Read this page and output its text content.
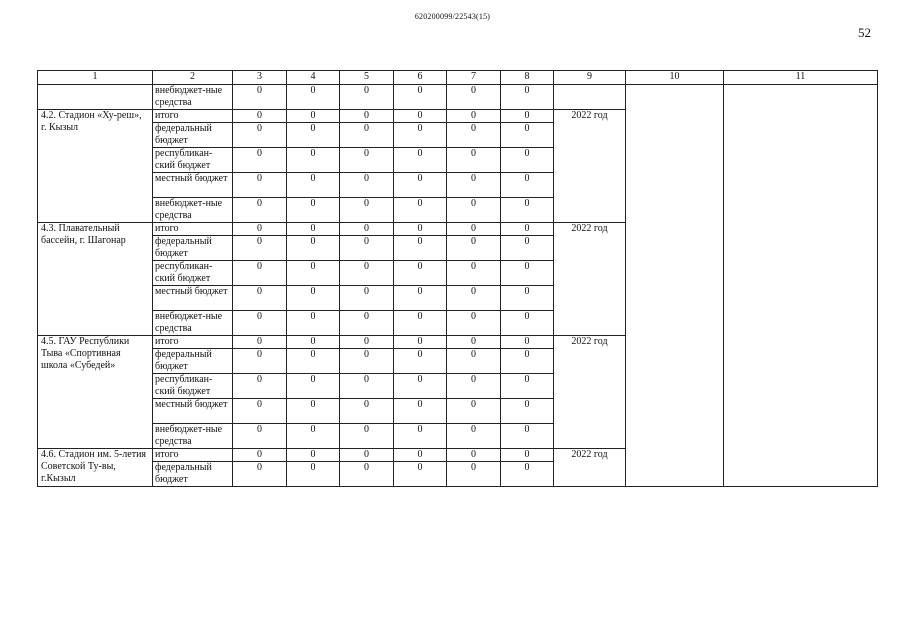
620200099/22543(15)
52
1	2	3	4	5	6	7	8	9	10	11
	внебюджет-ные средства	0	0	0	0	0	0			
4.2. Стадион «Ху-реш», г. Кызыл	итого	0	0	0	0	0	0	2022 год		
	федеральный бюджет	0	0	0	0	0	0			
	республикан-ский бюджет	0	0	0	0	0	0			
	местный бюджет	0	0	0	0	0	0			
	внебюджет-ные средства	0	0	0	0	0	0			
4.3. Плавательный бассейн, г. Шагонар	итого	0	0	0	0	0	0	2022 год		
	федеральный бюджет	0	0	0	0	0	0			
	республикан-ский бюджет	0	0	0	0	0	0			
	местный бюджет	0	0	0	0	0	0			
	внебюджет-ные средства	0	0	0	0	0	0			
4.5. ГАУ Республики Тыва «Спортивная школа «Субедей»	итого	0	0	0	0	0	0	2022 год		
	федеральный бюджет	0	0	0	0	0	0			
	республикан-ский бюджет	0	0	0	0	0	0			
	местный бюджет	0	0	0	0	0	0			
	внебюджет-ные средства	0	0	0	0	0	0			
4.6. Стадион им. 5-летия Советской Ту-вы, г.Кызыл	итого	0	0	0	0	0	0	2022 год		
	федеральный бюджет	0	0	0	0	0	0			
